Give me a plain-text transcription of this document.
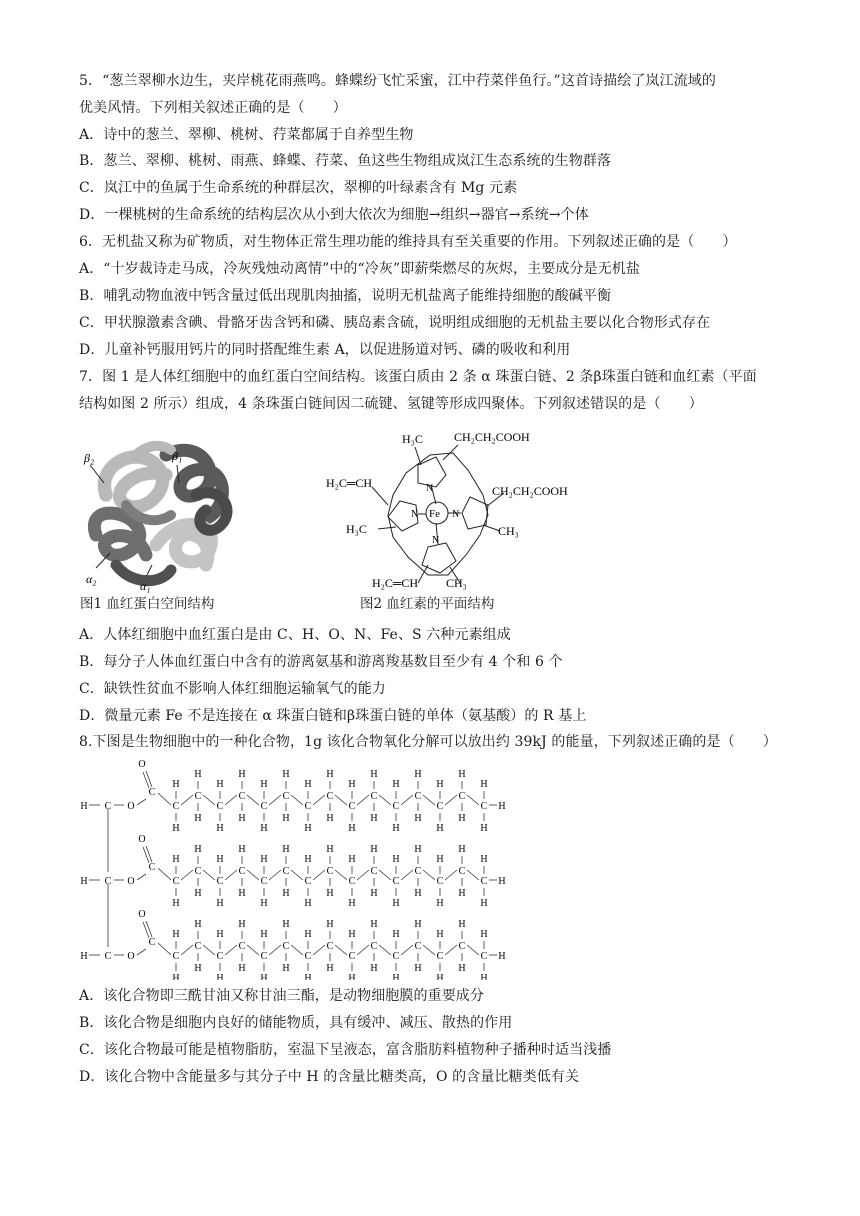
5．“葱兰翠柳水边生，夹岸桃花雨燕鸣。蜂蝶纷飞忙采蜜，江中荇菜伴鱼行。”这首诗描绘了岚江流域的
优美风情。下列相关叙述正确的是（　　）
A．诗中的葱兰、翠柳、桃树、荇菜都属于自养型生物
B．葱兰、翠柳、桃树、雨燕、蜂蝶、荇菜、鱼这些生物组成岚江生态系统的生物群落
C．岚江中的鱼属于生命系统的种群层次，翠柳的叶绿素含有 Mg 元素
D．一棵桃树的生命系统的结构层次从小到大依次为细胞→组织→器官→系统→个体
6．无机盐又称为矿物质，对生物体正常生理功能的维持具有至关重要的作用。下列叙述正确的是（　　）
A．“十岁裁诗走马成，冷灰残烛动离情”中的“冷灰”即薪柴燃尽的灰烬，主要成分是无机盐
B．哺乳动物血液中钙含量过低出现肌肉抽搐，说明无机盐离子能维持细胞的酸碱平衡
C．甲状腺激素含碘、骨骼牙齿含钙和磷、胰岛素含硫，说明组成细胞的无机盐主要以化合物形式存在
D．儿童补钙服用钙片的同时搭配维生素 A，以促进肠道对钙、磷的吸收和利用
7．图 1 是人体红细胞中的血红蛋白空间结构。该蛋白质由 2 条 α 珠蛋白链、2 条β珠蛋白链和血红素（平面
结构如图 2 所示）组成，4 条珠蛋白链间因二硫键、氢键等形成四聚体。下列叙述错误的是（　　）
β₂	β₁
α₂	α₁
图1 血红蛋白空间结构
H₃C	CH₂CH₂COOH
H₂C═CH
CH₂CH₂COOH
H₃C	CH₃
H₂C═CH CH₃
Fe
N
N
N
N
图2 血红素的平面结构
A．人体红细胞中血红蛋白是由 C、H、O、N、Fe、S 六种元素组成
B．每分子人体血红蛋白中含有的游离氨基和游离羧基数目至少有 4 个和 6 个
C．缺铁性贫血不影响人体红细胞运输氧气的能力
D．微量元素 Fe 不是连接在 α 珠蛋白链和β珠蛋白链的单体（氨基酸）的 R 基上
8.下图是生物细胞中的一种化合物，1g 该化合物氧化分解可以放出约 39kJ 的能量，下列叙述正确的是（　　）
H C O
C
O
C
H
H
C
H
H
C
H
H
C
H
H
C
H
H
C
H
H
C
H
H
C
H
H
C
H
H
C
H
H
C
H
H
C
H
H
C
H
H
C
H
H
C
H
H
H
H C O
C
O
C
H
H
C
H
H
C
H
H
C
H
H
C
H
H
C
H
H
C
H
H
C
H
H
C
H
H
C
H
H
C
H
H
C
H
H
C
H
H
C
H
H
C
H
H
H
H C O
C
O
C
H
H
C
H
H
C
H
H
C
H
H
C
H
H
C
H
H
C
H
H
C
H
H
C
H
H
C
H
H
C
H
H
C
H
H
C
H
H
C
H
H
C
H
H
H
A．该化合物即三酰甘油又称甘油三酯，是动物细胞膜的重要成分
B．该化合物是细胞内良好的储能物质，具有缓冲、减压、散热的作用
C．该化合物最可能是植物脂肪，室温下呈液态，富含脂肪料植物种子播种时适当浅播
D．该化合物中含能量多与其分子中 H 的含量比糖类高，O 的含量比糖类低有关
